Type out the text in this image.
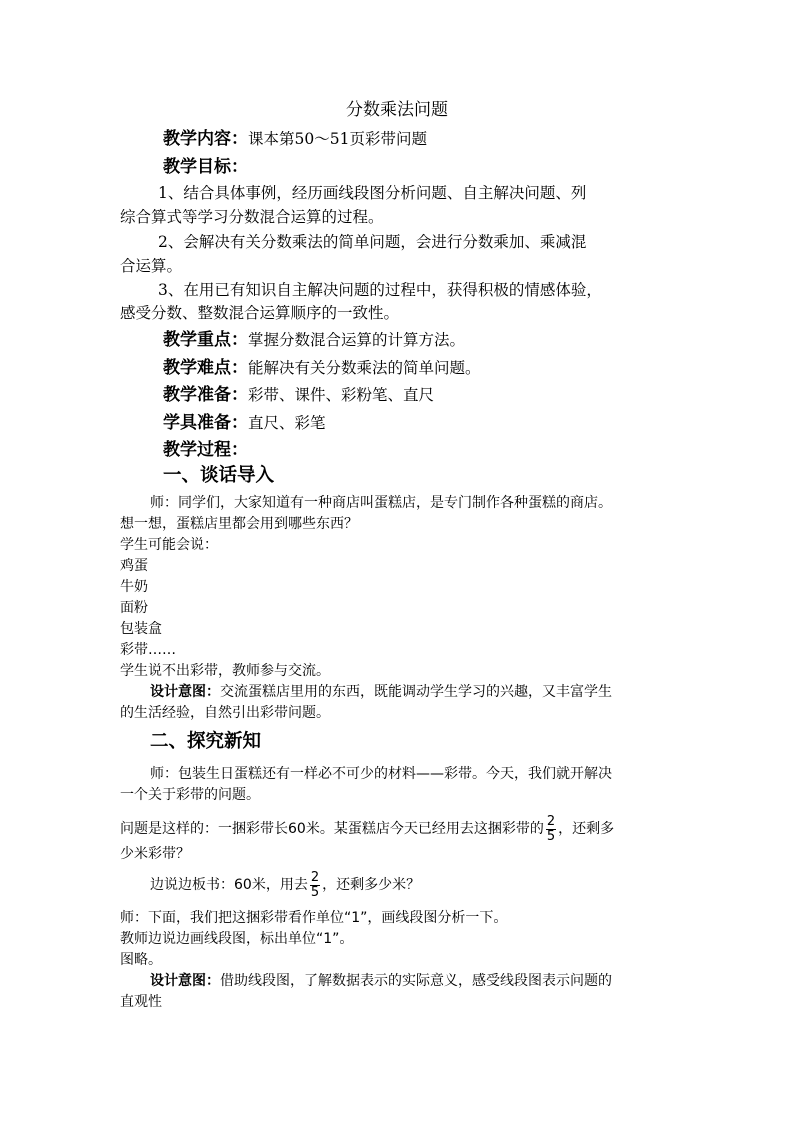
分数乘法问题
教学内容：课本第50～51页彩带问题
教学目标：
1、结合具体事例，经历画线段图分析问题、自主解决问题、列
综合算式等学习分数混合运算的过程。
2、会解决有关分数乘法的简单问题，会进行分数乘加、乘减混
合运算。
3、在用已有知识自主解决问题的过程中，获得积极的情感体验，
感受分数、整数混合运算顺序的一致性。
教学重点：掌握分数混合运算的计算方法。
教学难点：能解决有关分数乘法的简单问题。
教学准备：彩带、课件、彩粉笔、直尺
学具准备：直尺、彩笔
教学过程：
一、谈话导入
师：同学们，大家知道有一种商店叫蛋糕店，是专门制作各种蛋糕的商店。
想一想，蛋糕店里都会用到哪些东西？
学生可能会说：
鸡蛋
牛奶
面粉
包装盒
彩带……
学生说不出彩带，教师参与交流。
设计意图：交流蛋糕店里用的东西，既能调动学生学习的兴趣，又丰富学生
的生活经验，自然引出彩带问题。
二、探究新知
师：包装生日蛋糕还有一样必不可少的材料——彩带。今天，我们就开解决
一个关于彩带的问题。
问题是这样的：一捆彩带长60米。某蛋糕店今天已经用去这捆彩带的 $\frac{2}{5}$ ，还剩多
少米彩带？
边说边板书：60米，用去 $\frac{2}{5}$ ，还剩多少米？
师：下面，我们把这捆彩带看作单位“1”，画线段图分析一下。
教师边说边画线段图，标出单位“1”。
图略。
设计意图：借助线段图，了解数据表示的实际意义，感受线段图表示问题的
直观性
